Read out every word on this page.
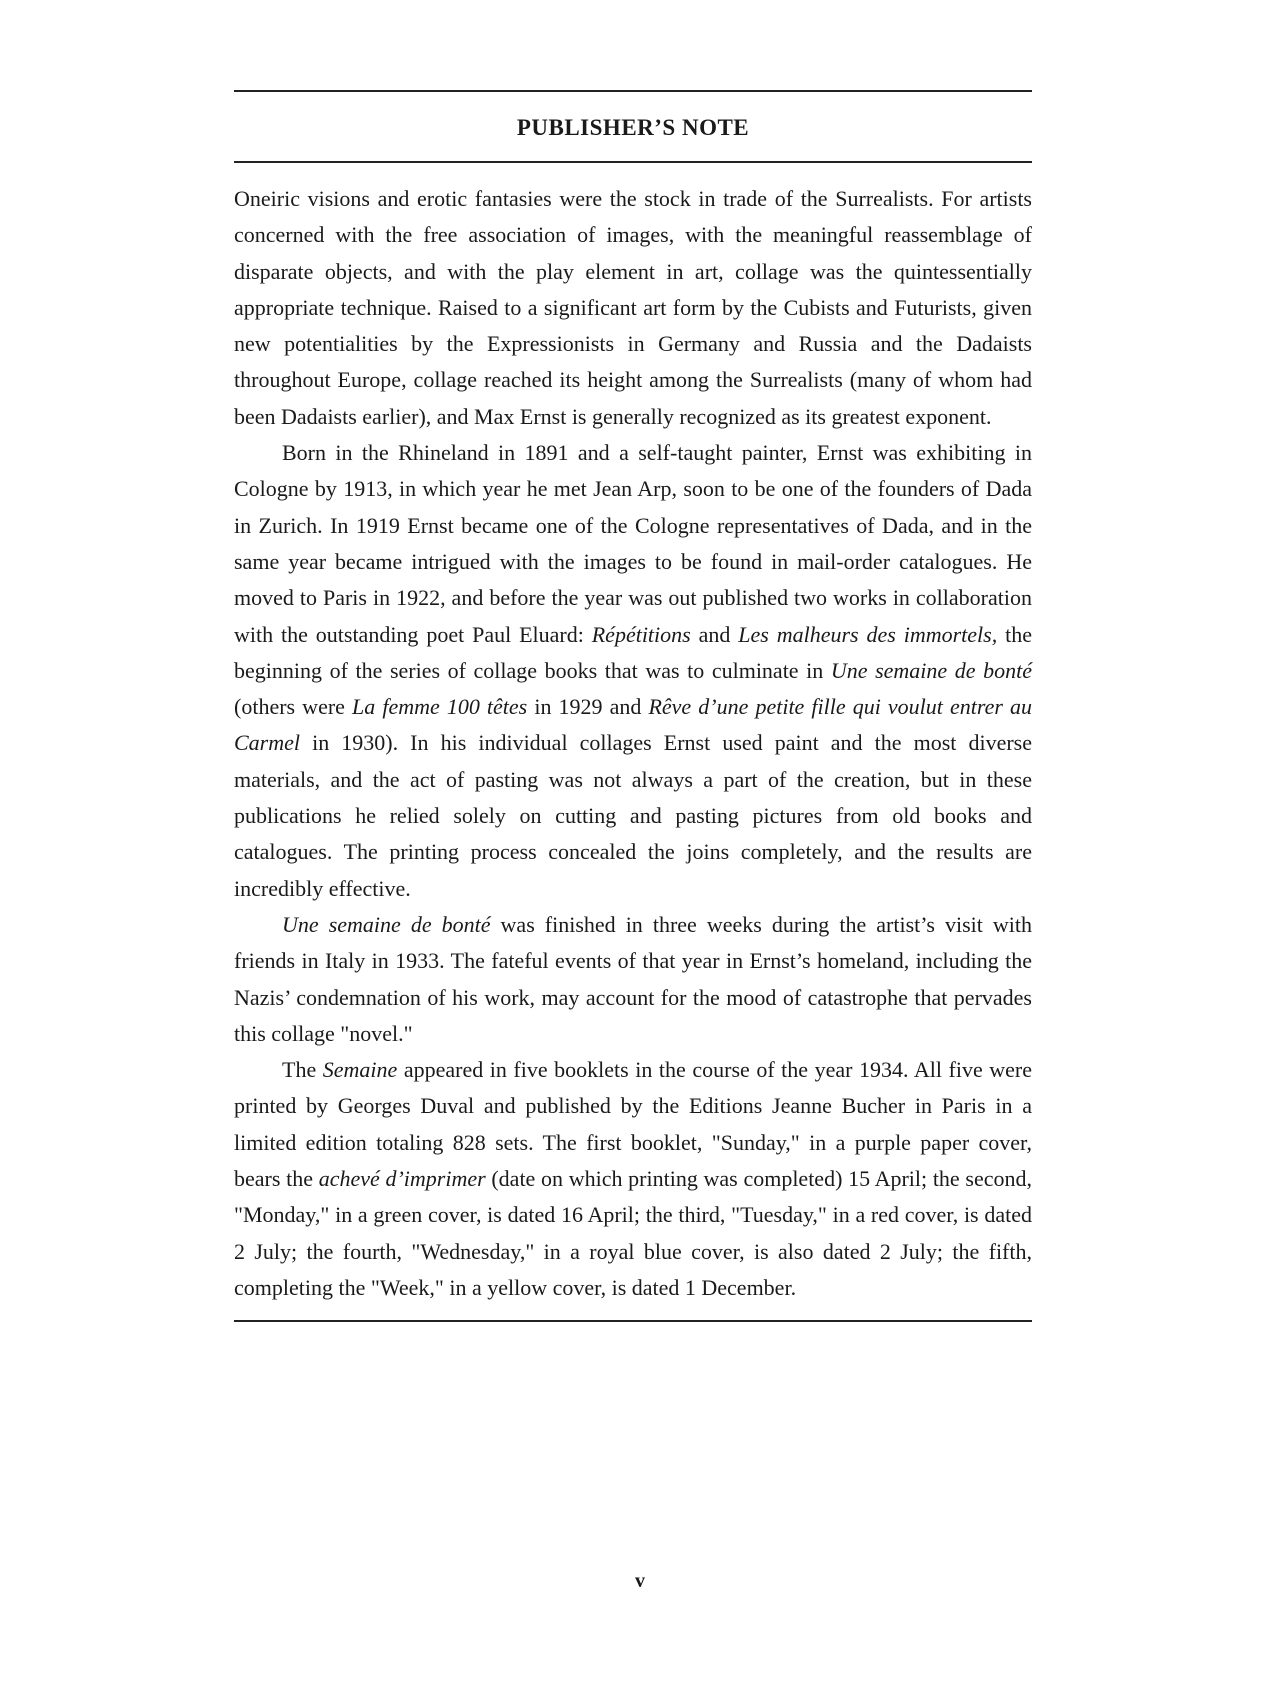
PUBLISHER’S NOTE

Oneiric visions and erotic fantasies were the stock in trade of the Surrealists. For artists concerned with the free association of images, with the meaningful reassemblage of disparate objects, and with the play element in art, collage was the quintessentially appropriate technique. Raised to a significant art form by the Cubists and Futurists, given new potentialities by the Expressionists in Germany and Russia and the Dadaists throughout Europe, collage reached its height among the Surrealists (many of whom had been Dadaists earlier), and Max Ernst is generally recognized as its greatest exponent.

Born in the Rhineland in 1891 and a self-taught painter, Ernst was exhibiting in Cologne by 1913, in which year he met Jean Arp, soon to be one of the founders of Dada in Zurich. In 1919 Ernst became one of the Cologne representatives of Dada, and in the same year became intrigued with the images to be found in mail-order catalogues. He moved to Paris in 1922, and before the year was out published two works in collaboration with the outstanding poet Paul Eluard: Répétitions and Les malheurs des immortels, the beginning of the series of collage books that was to culminate in Une semaine de bonté (others were La femme 100 têtes in 1929 and Rêve d’une petite fille qui voulut entrer au Carmel in 1930). In his individual collages Ernst used paint and the most diverse materials, and the act of pasting was not always a part of the creation, but in these publications he relied solely on cutting and pasting pictures from old books and catalogues. The printing process concealed the joins completely, and the results are incredibly effective.

Une semaine de bonté was finished in three weeks during the artist’s visit with friends in Italy in 1933. The fateful events of that year in Ernst’s homeland, including the Nazis’ condemnation of his work, may account for the mood of catastrophe that pervades this collage "novel."

The Semaine appeared in five booklets in the course of the year 1934. All five were printed by Georges Duval and published by the Editions Jeanne Bucher in Paris in a limited edition totaling 828 sets. The first booklet, "Sunday," in a purple paper cover, bears the achevé d’imprimer (date on which printing was completed) 15 April; the second, "Monday," in a green cover, is dated 16 April; the third, "Tuesday," in a red cover, is dated 2 July; the fourth, "Wednesday," in a royal blue cover, is also dated 2 July; the fifth, completing the "Week," in a yellow cover, is dated 1 December.

v
